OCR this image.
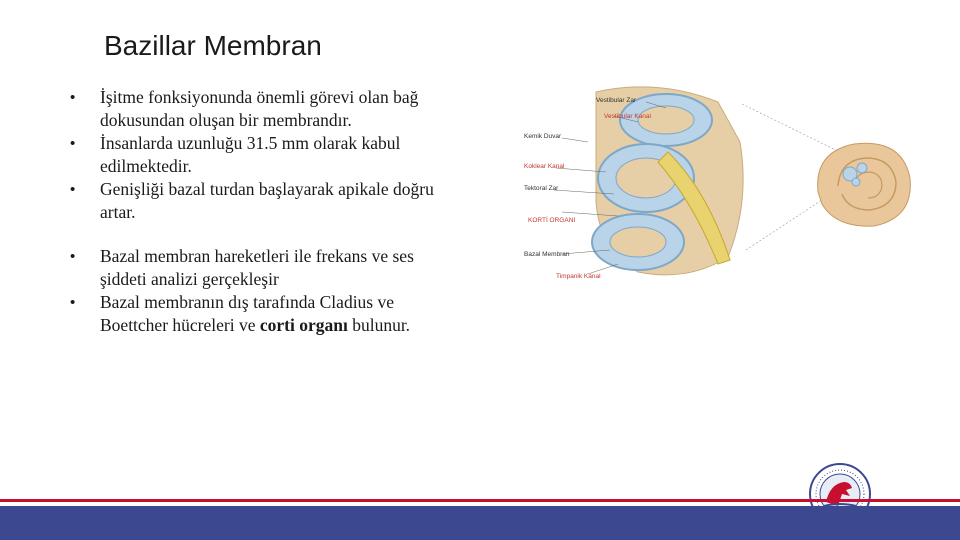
Bazillar Membran
• İşitme fonksiyonunda önemli görevi olan bağ dokusundan oluşan bir membrandır.
• İnsanlarda uzunluğu 31.5 mm olarak kabul edilmektedir.
• Genişliği bazal turdan başlayarak apikale doğru artar.
• Bazal membran hareketleri ile frekans ve ses şiddeti analizi gerçekleşir
• Bazal membranın dış tarafında Cladius ve Boettcher hücreleri ve corti organı bulunur.
Vestibular Zar
Vestibular Kanal
Kemik Duvar
Koklear Kanal
Tektoral Zar
KORTİ ORGANI
Bazal Membran
Timpanik Kanal
